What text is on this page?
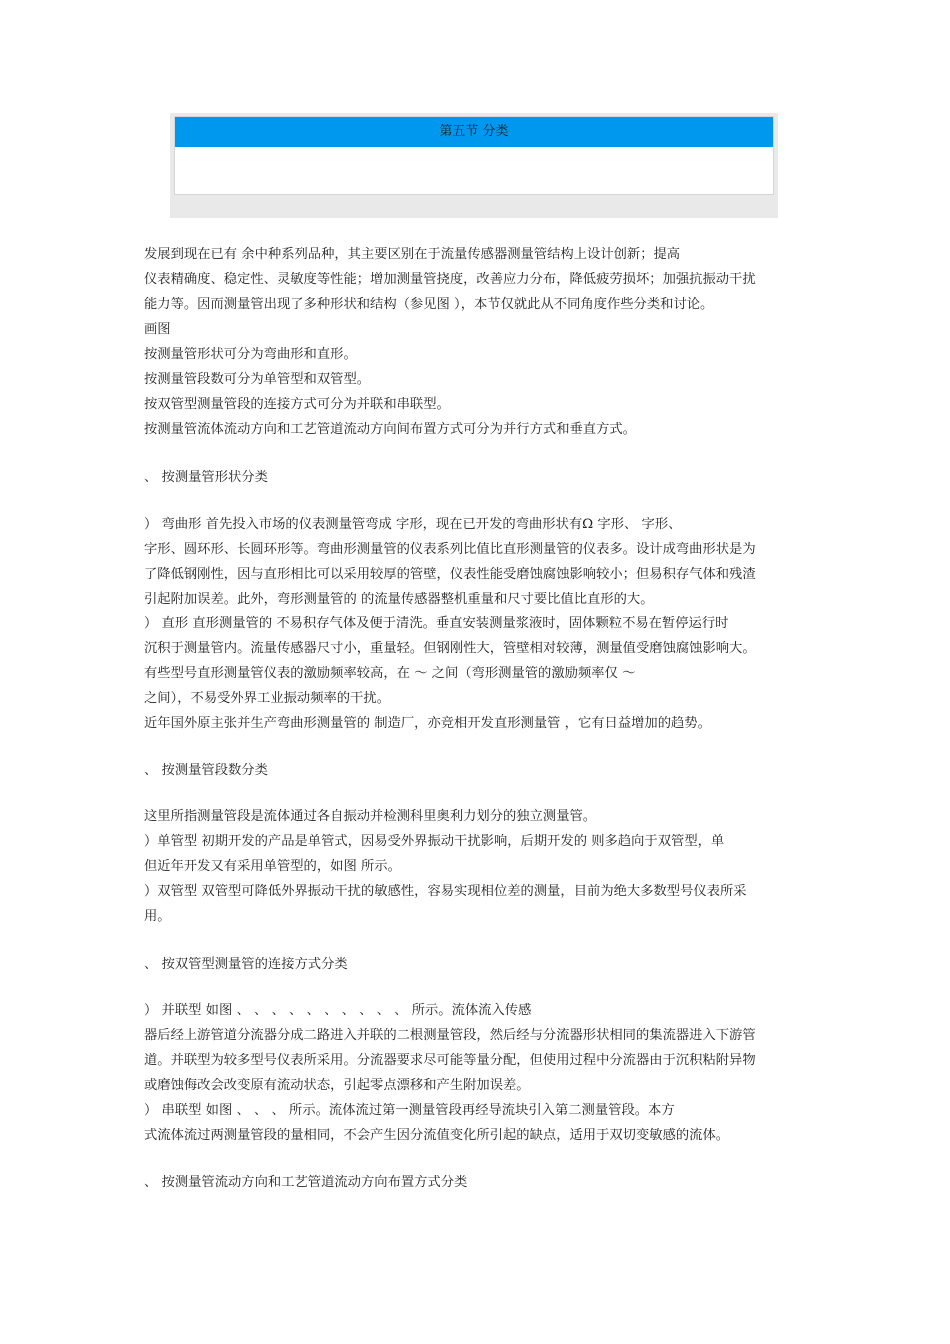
第五节 分类
发展到现在已有 余中种系列品种，其主要区别在于流量传感器测量管结构上设计创新；提高
仪表精确度、稳定性、灵敏度等性能；增加测量管挠度，改善应力分布，降低疲劳损坏；加强抗振动干扰
能力等。因而测量管出现了多种形状和结构（参见图 ），本节仅就此从不同角度作些分类和讨论。
画图
按测量管形状可分为弯曲形和直形。
按测量管段数可分为单管型和双管型。
按双管型测量管段的连接方式可分为并联和串联型。
按测量管流体流动方向和工艺管道流动方向间布置方式可分为并行方式和垂直方式。
、 按测量管形状分类
） 弯曲形 首先投入市场的仪表测量管弯成 字形，现在已开发的弯曲形状有Ω 字形、 字形、
字形、圆环形、长圆环形等。弯曲形测量管的仪表系列比值比直形测量管的仪表多。设计成弯曲形状是为
了降低钢刚性，因与直形相比可以采用较厚的管壁，仪表性能受磨蚀腐蚀影响较小；但易积存气体和残渣
引起附加误差。此外，弯形测量管的 的流量传感器整机重量和尺寸要比值比直形的大。
） 直形 直形测量管的 不易积存气体及便于清洗。垂直安装测量浆液时，固体颗粒不易在暂停运行时
沉积于测量管内。流量传感器尺寸小，重量轻。但钢刚性大，管壁相对较薄，测量值受磨蚀腐蚀影响大。
有些型号直形测量管仪表的激励频率较高，在 ～ 之间（弯形测量管的激励频率仅 ～
之间），不易受外界工业振动频率的干扰。
近年国外原主张并生产弯曲形测量管的 制造厂，亦竞相开发直形测量管 ，它有日益增加的趋势。
、 按测量管段数分类
这里所指测量管段是流体通过各自振动并检测科里奥利力划分的独立测量管。
）单管型 初期开发的产品是单管式，因易受外界振动干扰影响，后期开发的 则多趋向于双管型，单
但近年开发又有采用单管型的，如图 所示。
）双管型 双管型可降低外界振动干扰的敏感性，容易实现相位差的测量，目前为绝大多数型号仪表所采
用。
、 按双管型测量管的连接方式分类
） 并联型 如图 、 、 、 、 、 、 、 、 、 、 所示。流体流入传感
器后经上游管道分流器分成二路进入并联的二根测量管段，然后经与分流器形状相同的集流器进入下游管
道。并联型为较多型号仪表所采用。分流器要求尽可能等量分配，但使用过程中分流器由于沉积粘附异物
或磨蚀侮改会改变原有流动状态，引起零点漂移和产生附加误差。
） 串联型 如图 、 、 、 所示。流体流过第一测量管段再经导流块引入第二测量管段。本方
式流体流过两测量管段的量相同，不会产生因分流值变化所引起的缺点，适用于双切变敏感的流体。
、 按测量管流动方向和工艺管道流动方向布置方式分类
